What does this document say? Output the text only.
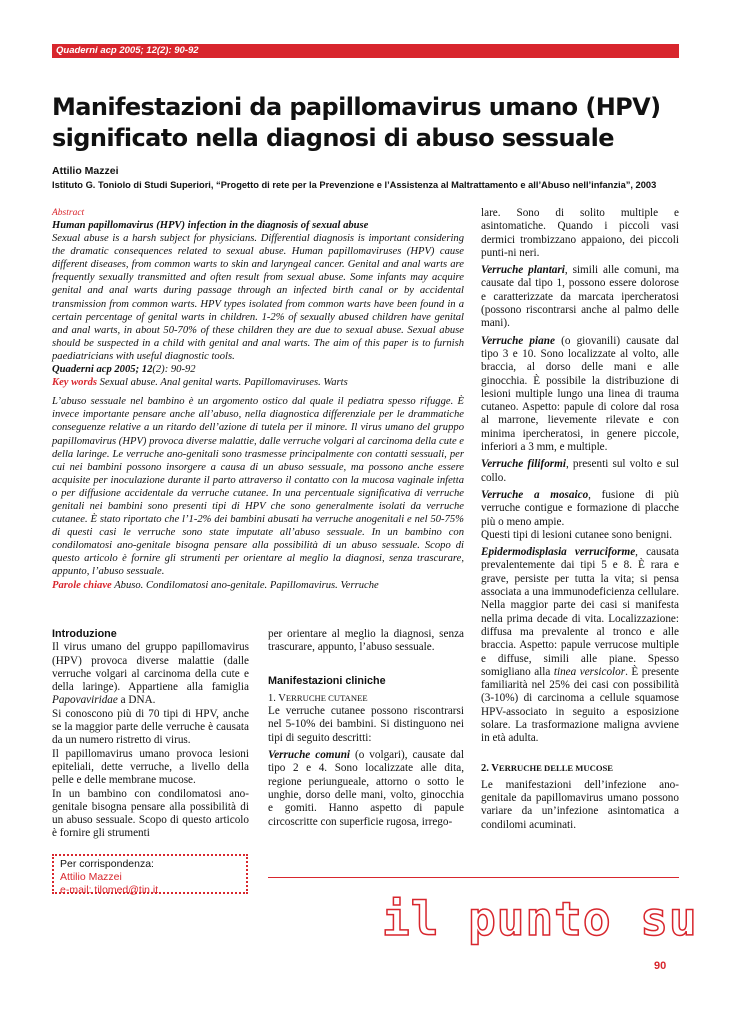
Quaderni acp 2005; 12(2): 90-92
Manifestazioni da papillomavirus umano (HPV)
significato nella diagnosi di abuso sessuale
Attilio Mazzei
Istituto G. Toniolo di Studi Superiori, “Progetto di rete per la Prevenzione e l’Assistenza al Maltrattamento e all’Abuso nell’infanzia”, 2003

Abstract

Human papillomavirus (HPV) infection in the diagnosis of sexual abuse

Sexual abuse is a harsh subject for physicians. Differential diagnosis is important considering the dramatic consequences related to sexual abuse. Human papillomaviruses (HPV) cause different diseases, from common warts to skin and laryngeal cancer. Genital and anal warts are frequently sexually transmitted and often result from sexual abuse. Some infants may acquire genital and anal warts during passage through an infected birth canal or by accidental transmission from common warts. HPV types isolated from common warts have been found in a certain percentage of genital warts in children. 1-2% of sexually abused children have genital and anal warts, in about 50-70% of these children they are due to sexual abuse. Sexual abuse should be suspected in a child with genital and anal warts. The aim of this paper is to furnish paediatricians with useful diagnostic tools.

Quaderni acp 2005; 12(2): 90-92

Key words Sexual abuse. Anal genital warts. Papillomaviruses. Warts

L’abuso sessuale nel bambino è un argomento ostico dal quale il pediatra spesso rifugge. È invece importante pensare anche all’abuso, nella diagnostica differenziale per le drammatiche conseguenze relative a un ritardo dell’azione di tutela per il minore. Il virus umano del gruppo papillomavirus (HPV) provoca diverse malattie, dalle verruche volgari al carcinoma della cute e della laringe. Le verruche ano-genitali sono trasmesse principalmente con contatti sessuali, per cui nei bambini possono insorgere a causa di un abuso sessuale, ma possono anche essere acquisite per inoculazione durante il parto attraverso il contatto con la mucosa vaginale infetta o per diffusione accidentale da verruche cutanee. In una percentuale significativa di verruche genitali nei bambini sono presenti tipi di HPV che sono generalmente isolati da verruche cutanee. È stato riportato che l’1-2% dei bambini abusati ha verruche anogenitali e nel 50-75% di questi casi le verruche sono state imputate all’abuso sessuale. In un bambino con condilomatosi ano-genitale bisogna pensare alla possibilità di un abuso sessuale. Scopo di questo articolo è fornire gli strumenti per orientare al meglio la diagnosi, senza trascurare, appunto, l’abuso sessuale.

Parole chiave Abuso. Condilomatosi ano-genitale. Papillomavirus. Verruche

Introduzione

Il virus umano del gruppo papillomavirus (HPV) provoca diverse malattie (dalle verruche volgari al carcinoma della cute e della laringe). Appartiene alla famiglia Papovaviridae a DNA.

Si conoscono più di 70 tipi di HPV, anche se la maggior parte delle verruche è causata da un numero ristretto di virus.

Il papillomavirus umano provoca lesioni epiteliali, dette verruche, a livello della pelle e delle membrane mucose.

In un bambino con condilomatosi ano-genitale bisogna pensare alla possibilità di un abuso sessuale. Scopo di questo articolo è fornire gli strumenti

per orientare al meglio la diagnosi, senza trascurare, appunto, l’abuso sessuale.

Manifestazioni cliniche

1. VERRUCHE CUTANEE

Le verruche cutanee possono riscontrarsi nel 5-10% dei bambini. Si distinguono nei tipi di seguito descritti:

Verruche comuni (o volgari), causate dal tipo 2 e 4. Sono localizzate alle dita, regione periungueale, attorno o sotto le unghie, dorso delle mani, volto, ginocchia e gomiti. Hanno aspetto di papule circoscritte con superficie rugosa, irrego-

lare. Sono di solito multiple e asintomatiche. Quando i piccoli vasi dermici trombizzano appaiono, dei piccoli punti-ni neri.

Verruche plantari, simili alle comuni, ma causate dal tipo 1, possono essere dolorose e caratterizzate da marcata ipercheratosi (possono riscontrarsi anche al palmo delle mani).

Verruche piane (o giovanili) causate dal tipo 3 e 10. Sono localizzate al volto, alle braccia, al dorso delle mani e alle ginocchia. È possibile la distribuzione di lesioni multiple lungo una linea di trauma cutaneo. Aspetto: papule di colore dal rosa al marrone, lievemente rilevate e con minima ipercheratosi, in genere piccole, inferiori a 3 mm, e multiple.

Verruche filiformi, presenti sul volto e sul collo.

Verruche a mosaico, fusione di più verruche contigue e formazione di placche più o meno ampie.

Questi tipi di lesioni cutanee sono benigni.

Epidermodisplasia verruciforme, causata prevalentemente dai tipi 5 e 8. È rara e grave, persiste per tutta la vita; si pensa associata a una immunodeficienza cellulare. Nella maggior parte dei casi si manifesta nella prima decade di vita. Localizzazione: diffusa ma prevalente al tronco e alle braccia. Aspetto: papule verrucose multiple e diffuse, simili alle piane. Spesso somigliano alla tinea versicolor. È presente familiarità nel 25% dei casi con possibilità (3-10%) di carcinoma a cellule squamose HPV-associato in seguito a esposizione solare. La trasformazione maligna avviene in età adulta.

2. VERRUCHE DELLE MUCOSE

Le manifestazioni dell’infezione ano-genitale da papillomavirus umano possono variare da un’infezione asintomatica a condilomi acuminati.

Per corrispondenza:
Attilio Mazzei
e-mail: tilomed@tin.it
il punto su
90
